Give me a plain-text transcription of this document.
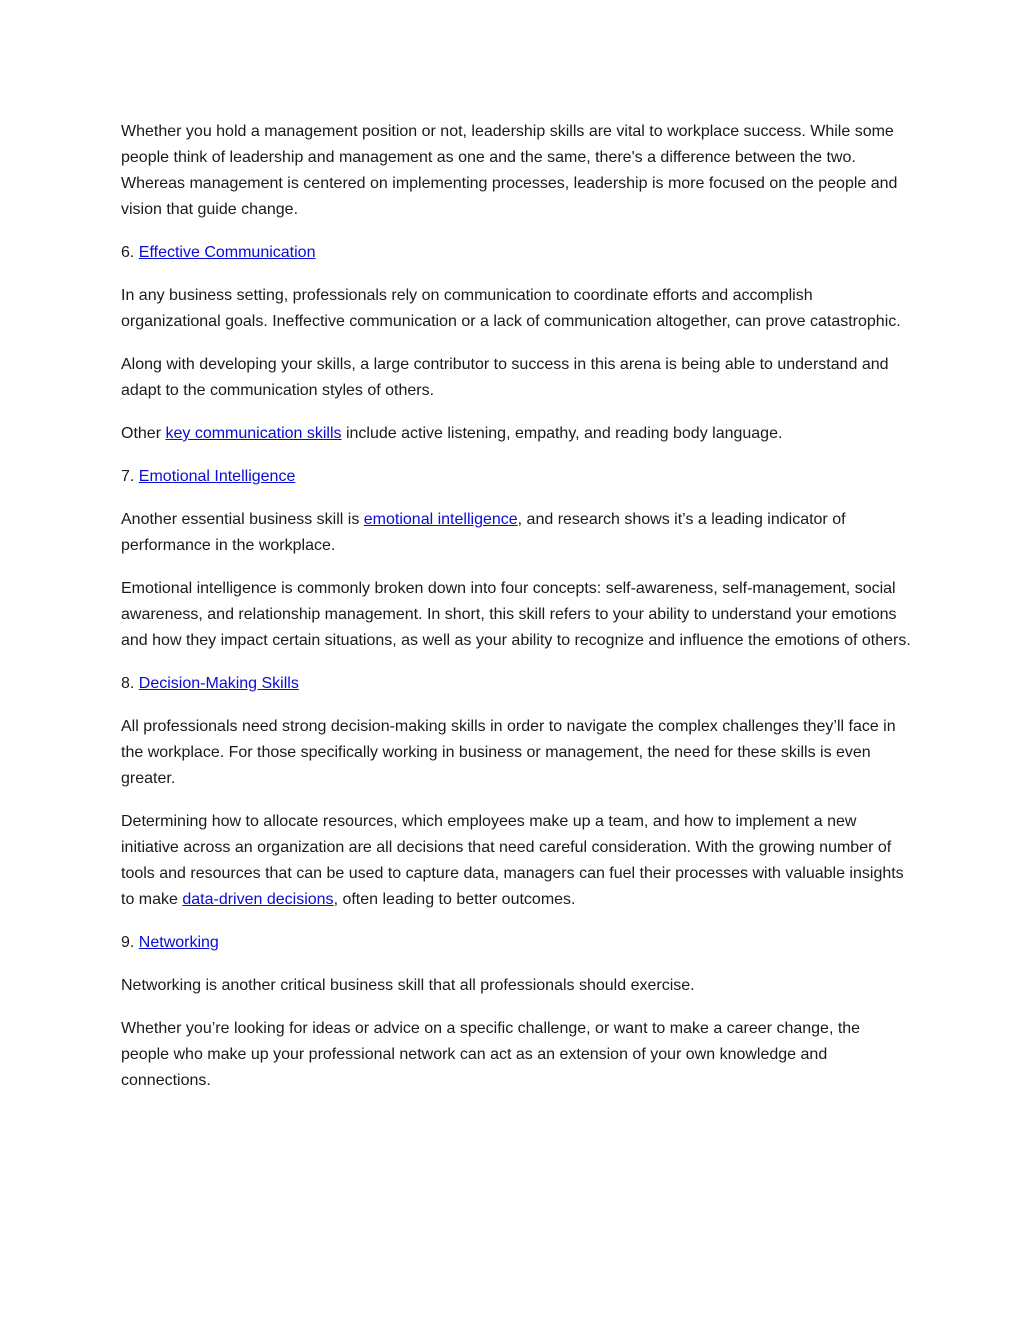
Whether you hold a management position or not, leadership skills are vital to workplace success. While some people think of leadership and management as one and the same, there's a difference between the two. Whereas management is centered on implementing processes, leadership is more focused on the people and vision that guide change.

6. Effective Communication

In any business setting, professionals rely on communication to coordinate efforts and accomplish organizational goals. Ineffective communication or a lack of communication altogether, can prove catastrophic.

Along with developing your skills, a large contributor to success in this arena is being able to understand and adapt to the communication styles of others.

Other key communication skills include active listening, empathy, and reading body language.

7. Emotional Intelligence

Another essential business skill is emotional intelligence, and research shows it’s a leading indicator of performance in the workplace.

Emotional intelligence is commonly broken down into four concepts: self-awareness, self-management, social awareness, and relationship management. In short, this skill refers to your ability to understand your emotions and how they impact certain situations, as well as your ability to recognize and influence the emotions of others.

8. Decision-Making Skills

All professionals need strong decision-making skills in order to navigate the complex challenges they’ll face in the workplace. For those specifically working in business or management, the need for these skills is even greater.

Determining how to allocate resources, which employees make up a team, and how to implement a new initiative across an organization are all decisions that need careful consideration. With the growing number of tools and resources that can be used to capture data, managers can fuel their processes with valuable insights to make data-driven decisions, often leading to better outcomes.

9. Networking

Networking is another critical business skill that all professionals should exercise.

Whether you’re looking for ideas or advice on a specific challenge, or want to make a career change, the people who make up your professional network can act as an extension of your own knowledge and connections.
